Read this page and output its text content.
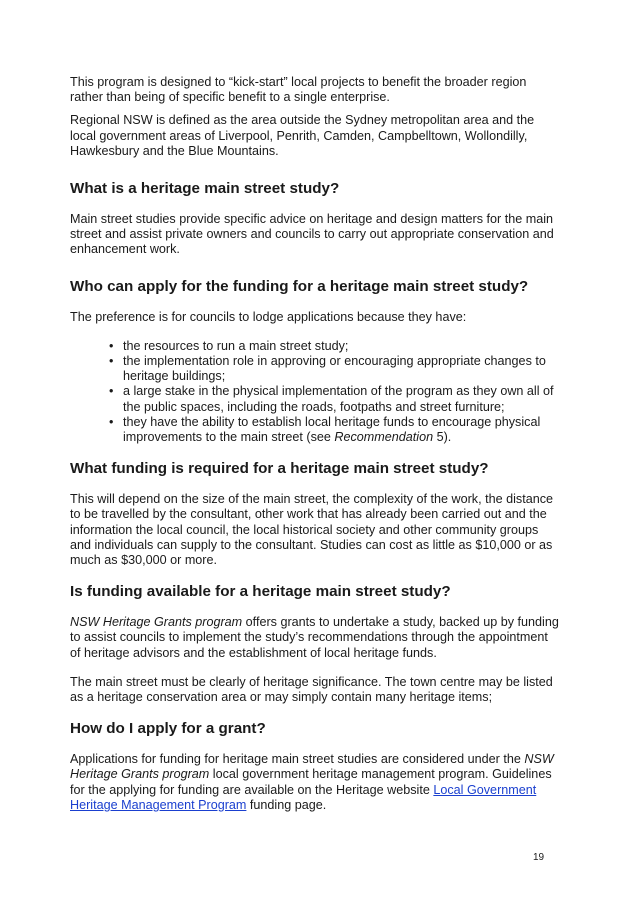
This program is designed to “kick-start” local projects to benefit the broader region rather than being of specific benefit to a single enterprise.

Regional NSW is defined as the area outside the Sydney metropolitan area and the local government areas of Liverpool, Penrith, Camden, Campbelltown, Wollondilly, Hawkesbury and the Blue Mountains.

What is a heritage main street study?

Main street studies provide specific advice on heritage and design matters for the main street and assist private owners and councils to carry out appropriate conservation and enhancement work.

Who can apply for the funding for a heritage main street study?

The preference is for councils to lodge applications because they have:

• the resources to run a main street study;
• the implementation role in approving or encouraging appropriate changes to heritage buildings;
• a large stake in the physical implementation of the program as they own all of the public spaces, including the roads, footpaths and street furniture;
• they have the ability to establish local heritage funds to encourage physical improvements to the main street (see Recommendation 5).
What funding is required for a heritage main street study?

This will depend on the size of the main street, the complexity of the work, the distance to be travelled by the consultant, other work that has already been carried out and the information the local council, the local historical society and other community groups and individuals can supply to the consultant. Studies can cost as little as $10,000 or as much as $30,000 or more.

Is funding available for a heritage main street study?

NSW Heritage Grants program offers grants to undertake a study, backed up by funding to assist councils to implement the study’s recommendations through the appointment of heritage advisors and the establishment of local heritage funds.

The main street must be clearly of heritage significance. The town centre may be listed as a heritage conservation area or may simply contain many heritage items;

How do I apply for a grant?

Applications for funding for heritage main street studies are considered under the NSW Heritage Grants program local government heritage management program. Guidelines for the applying for funding are available on the Heritage website Local Government Heritage Management Program funding page.

19
